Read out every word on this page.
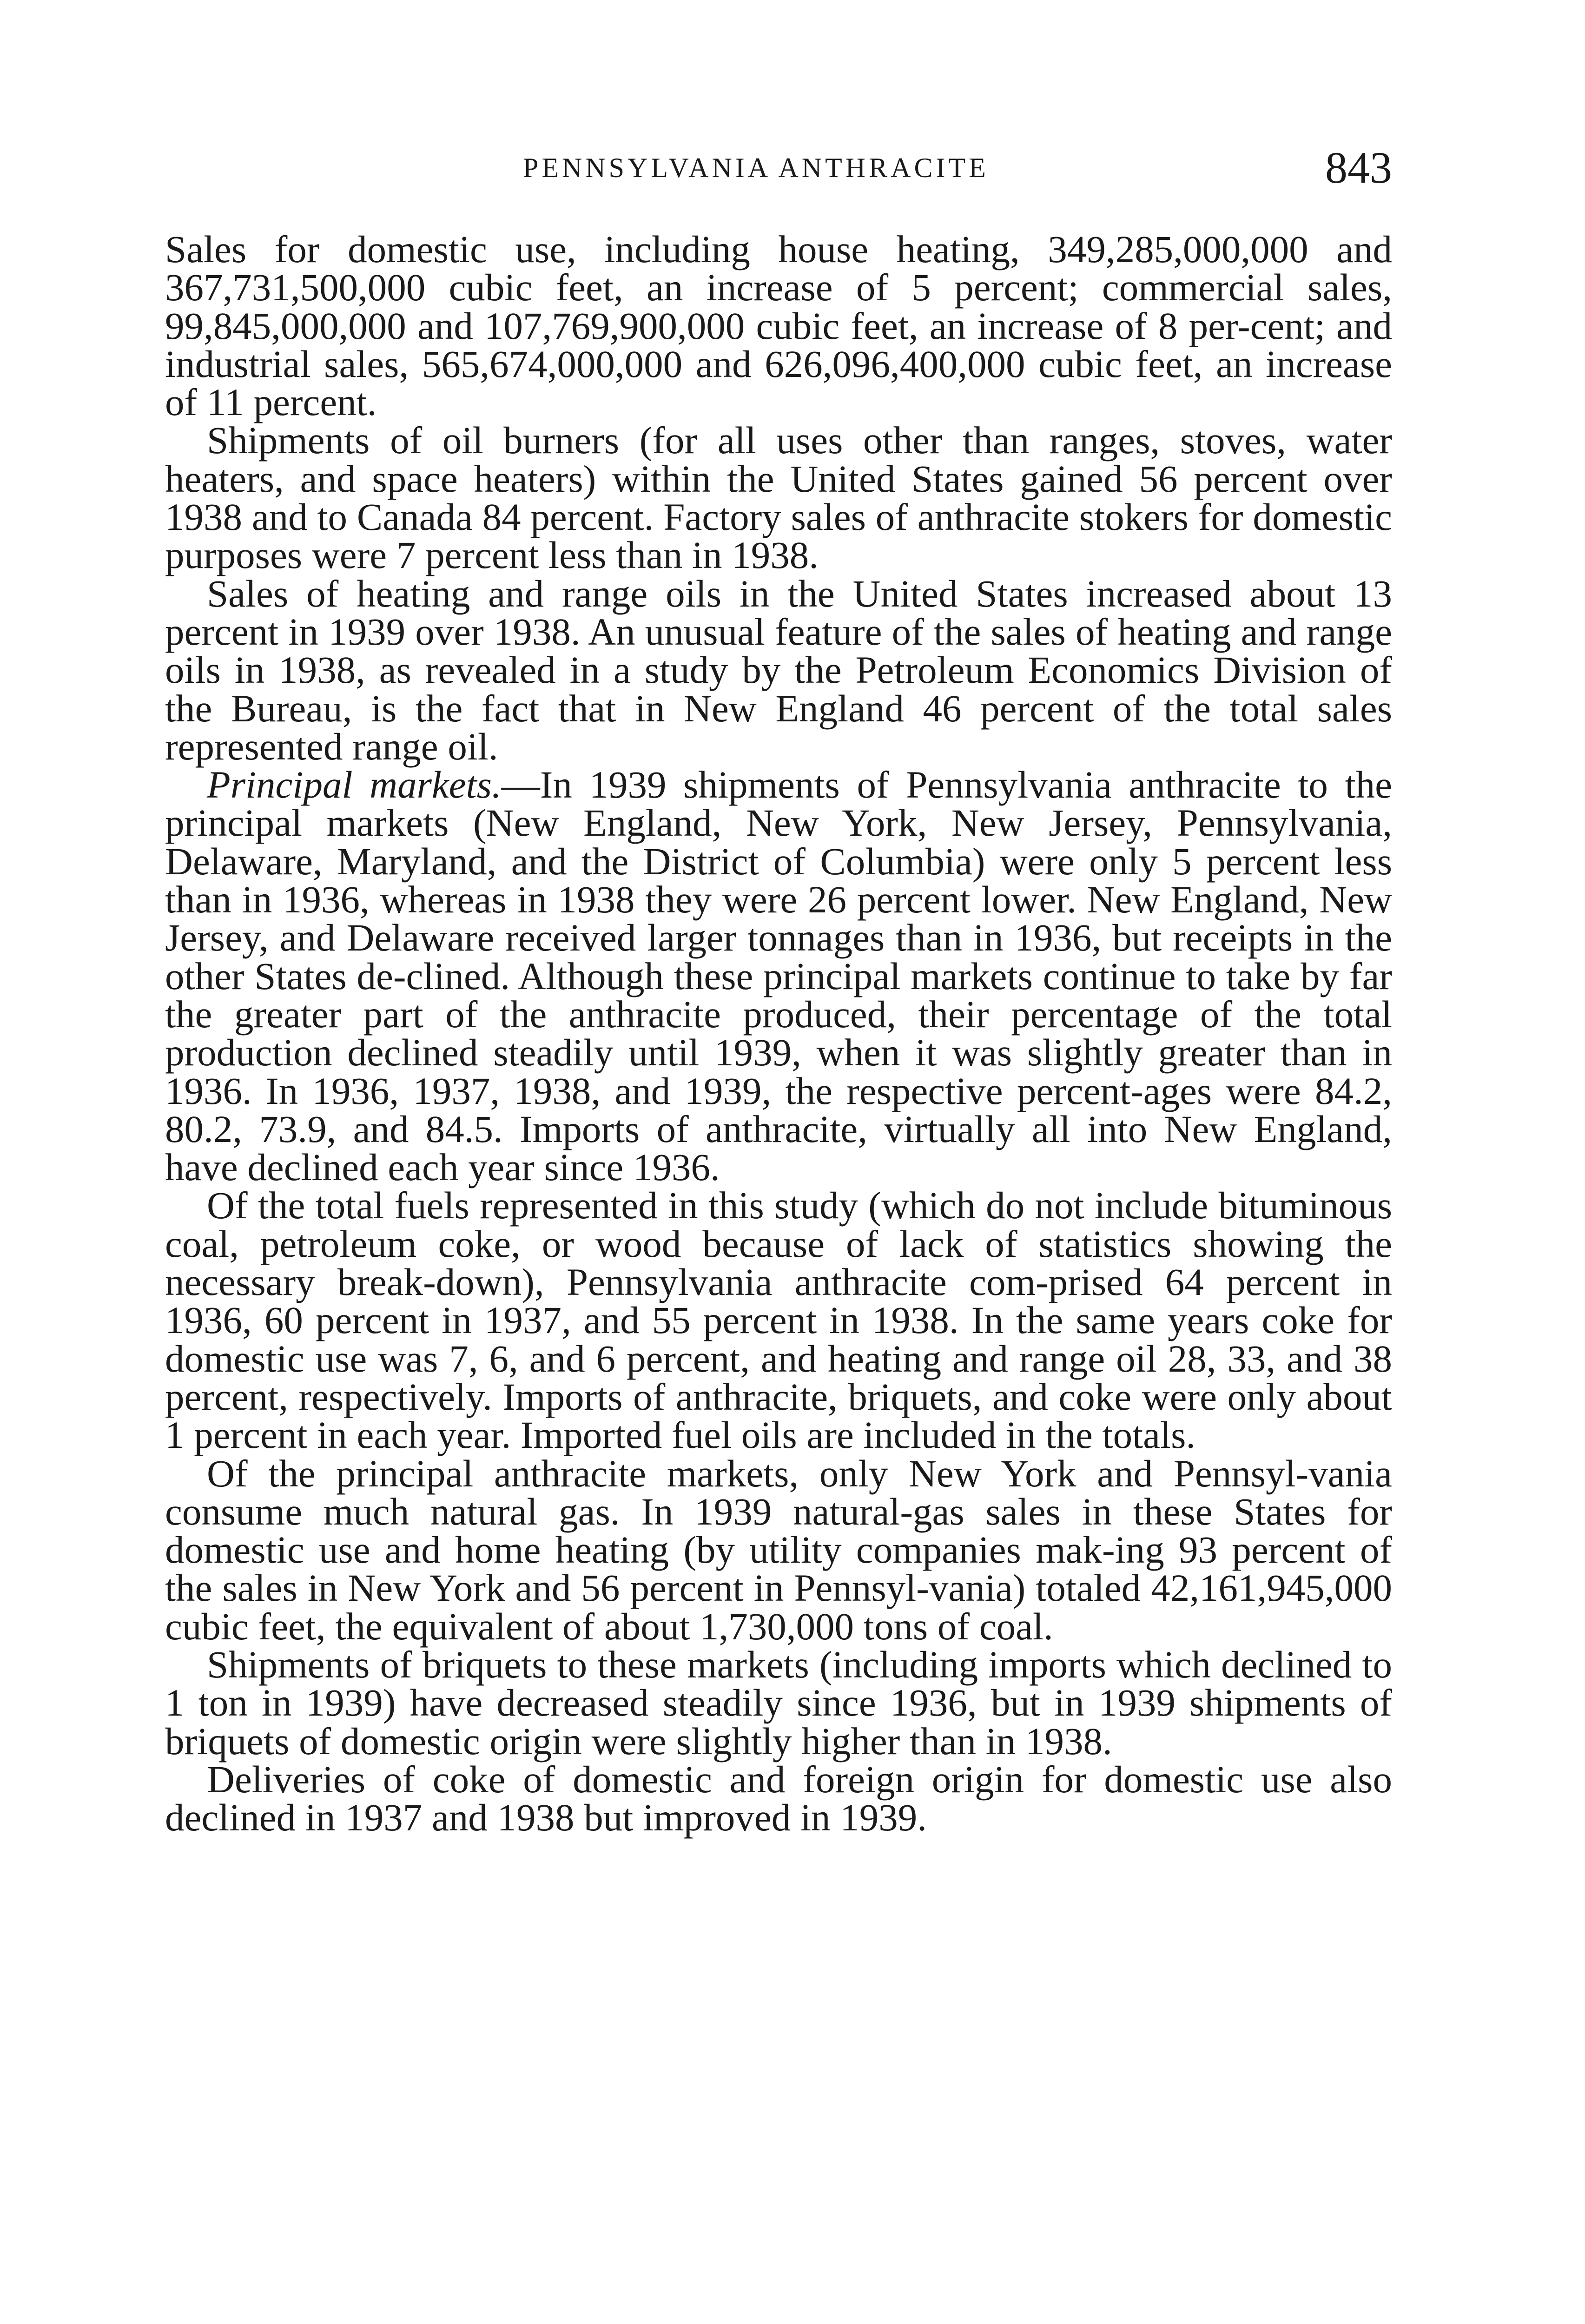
PENNSYLVANIA ANTHRACITE	843

Sales for domestic use, including house heating, 349,285,000,000 and 367,731,500,000 cubic feet, an increase of 5 percent; commercial sales, 99,845,000,000 and 107,769,900,000 cubic feet, an increase of 8 per-cent; and industrial sales, 565,674,000,000 and 626,096,400,000 cubic feet, an increase of 11 percent.

Shipments of oil burners (for all uses other than ranges, stoves, water heaters, and space heaters) within the United States gained 56 percent over 1938 and to Canada 84 percent. Factory sales of anthracite stokers for domestic purposes were 7 percent less than in 1938.

Sales of heating and range oils in the United States increased about 13 percent in 1939 over 1938. An unusual feature of the sales of heating and range oils in 1938, as revealed in a study by the Petroleum Economics Division of the Bureau, is the fact that in New England 46 percent of the total sales represented range oil.

Principal markets.—In 1939 shipments of Pennsylvania anthracite to the principal markets (New England, New York, New Jersey, Pennsylvania, Delaware, Maryland, and the District of Columbia) were only 5 percent less than in 1936, whereas in 1938 they were 26 percent lower. New England, New Jersey, and Delaware received larger tonnages than in 1936, but receipts in the other States de-clined. Although these principal markets continue to take by far the greater part of the anthracite produced, their percentage of the total production declined steadily until 1939, when it was slightly greater than in 1936. In 1936, 1937, 1938, and 1939, the respective percent-ages were 84.2, 80.2, 73.9, and 84.5. Imports of anthracite, virtually all into New England, have declined each year since 1936.

Of the total fuels represented in this study (which do not include bituminous coal, petroleum coke, or wood because of lack of statistics showing the necessary break-down), Pennsylvania anthracite com-prised 64 percent in 1936, 60 percent in 1937, and 55 percent in 1938. In the same years coke for domestic use was 7, 6, and 6 percent, and heating and range oil 28, 33, and 38 percent, respectively. Imports of anthracite, briquets, and coke were only about 1 percent in each year. Imported fuel oils are included in the totals.

Of the principal anthracite markets, only New York and Pennsyl-vania consume much natural gas. In 1939 natural-gas sales in these States for domestic use and home heating (by utility companies mak-ing 93 percent of the sales in New York and 56 percent in Pennsyl-vania) totaled 42,161,945,000 cubic feet, the equivalent of about 1,730,000 tons of coal.

Shipments of briquets to these markets (including imports which declined to 1 ton in 1939) have decreased steadily since 1936, but in 1939 shipments of briquets of domestic origin were slightly higher than in 1938.

Deliveries of coke of domestic and foreign origin for domestic use also declined in 1937 and 1938 but improved in 1939.
